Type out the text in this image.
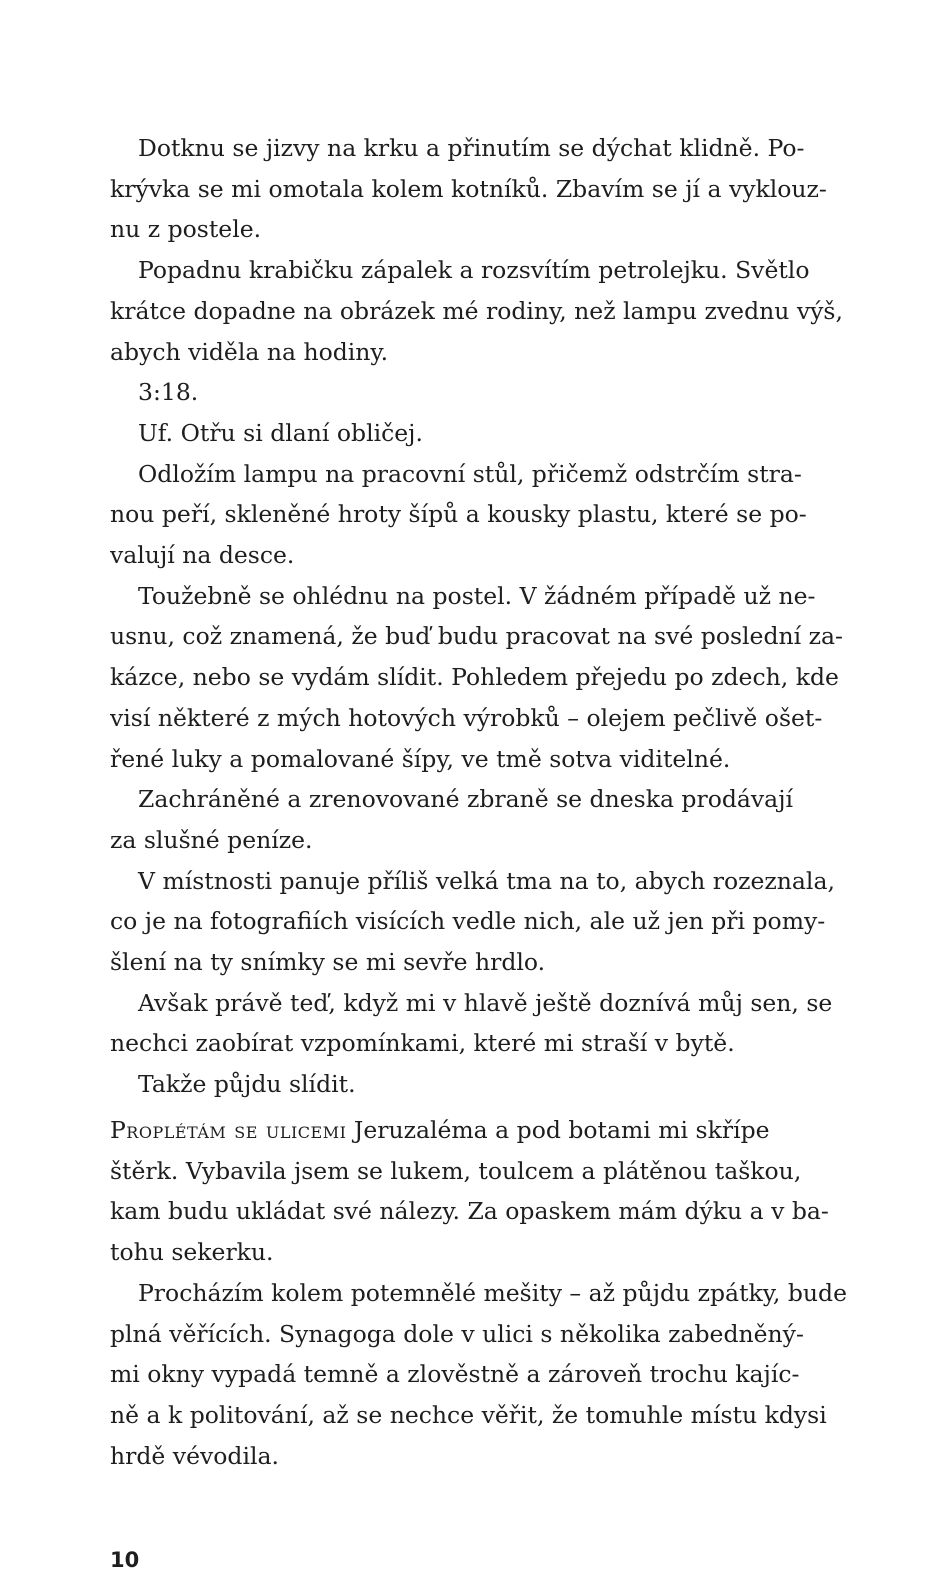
Dotknu se jizvy na krku a přinutím se dýchat klidně. Po-
krývka se mi omotala kolem kotníků. Zbavím se jí a vyklouz-
nu z postele.
Popadnu krabičku zápalek a rozsvítím petrolejku. Světlo
krátce dopadne na obrázek mé rodiny, než lampu zvednu výš,
abych viděla na hodiny.
3:18.
Uf. Otřu si dlaní obličej.
Odložím lampu na pracovní stůl, přičemž odstrčím stra-
nou peří, skleněné hroty šípů a kousky plastu, které se po-
valují na desce.
Toužebně se ohlédnu na postel. V žádném případě už ne-
usnu, což znamená, že buď budu pracovat na své poslední za-
kázce, nebo se vydám slídit. Pohledem přejedu po zdech, kde
visí některé z mých hotových výrobků – olejem pečlivě ošet-
řené luky a pomalované šípy, ve tmě sotva viditelné.
Zachráněné a zrenovované zbraně se dneska prodávají
za slušné peníze.
V místnosti panuje příliš velká tma na to, abych rozeznala,
co je na fotografiích visících vedle nich, ale už jen při pomy-
šlení na ty snímky se mi sevře hrdlo.
Avšak právě teď, když mi v hlavě ještě doznívá můj sen, se
nechci zaobírat vzpomínkami, které mi straší v bytě.
Takže půjdu slídit.
Proplétám se ulicemi Jeruzaléma a pod botami mi skřípe
štěrk. Vybavila jsem se lukem, toulcem a plátěnou taškou,
kam budu ukládat své nálezy. Za opaskem mám dýku a v ba-
tohu sekerku.
Procházím kolem potemnělé mešity – až půjdu zpátky, bude
plná věřících. Synagoga dole v ulici s několika zabedněný-
mi okny vypadá temně a zlověstně a zároveň trochu kajíc-
ně a k politování, až se nechce věřit, že tomuhle místu kdysi
hrdě vévodila.
10
